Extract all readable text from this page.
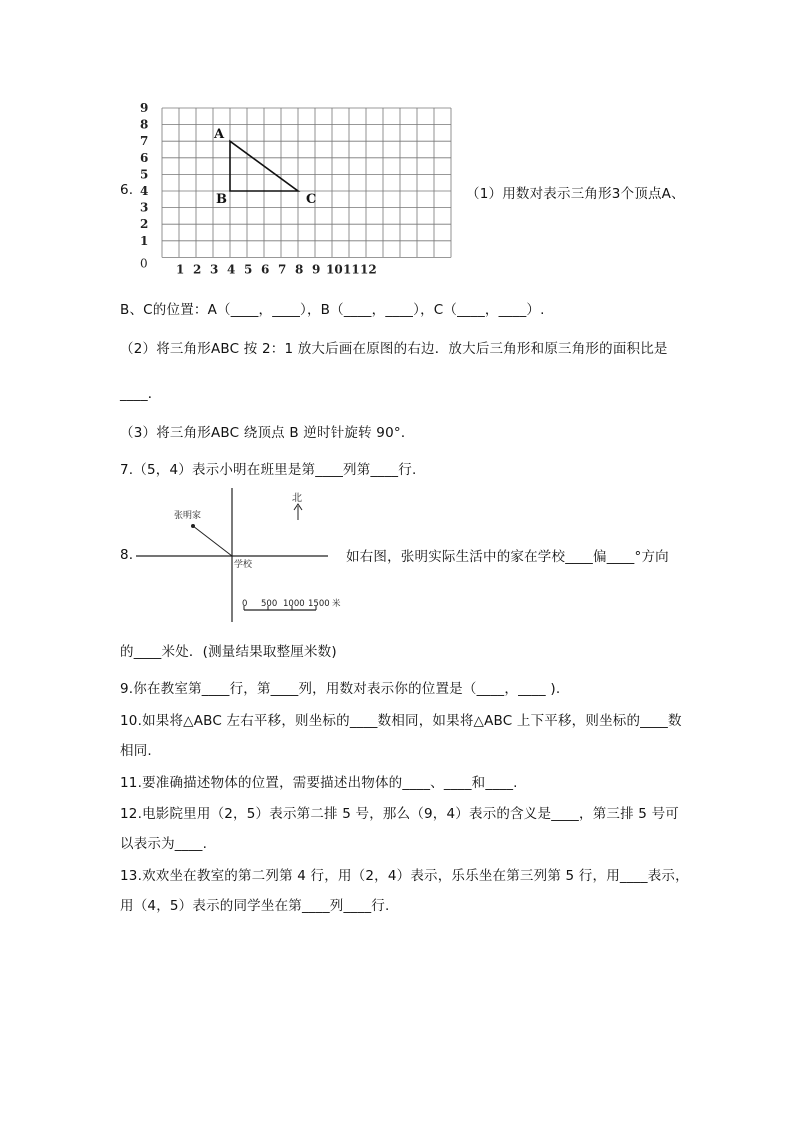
6.
9
8
7
6
5
4
3
2
1
0 1 2 3 4 5 6 7 8 9 10 11 12
A
B	C	（1）用数对表示三角形3个顶点A、
B、C的位置：A（____，____），B（____，____），C（____，____）.
（2）将三角形ABC 按 2：1 放大后画在原图的右边．放大后三角形和原三角形的面积比是
____．
（3）将三角形ABC 绕顶点 B 逆时针旋转 90°．
7.（5，4）表示小明在班里是第____列第____行.
8.
张明家
北
学校
0 500 1000 1500 米
如右图，张明实际生活中的家在学校____偏____°方向
的____米处．(测量结果取整厘米数)
9.你在教室第____行，第____列，用数对表示你的位置是（____，____ ).
10.如果将△ABC 左右平移，则坐标的____数相同，如果将△ABC 上下平移，则坐标的____数
相同.
11.要准确描述物体的位置，需要描述出物体的____、____和____.
12.电影院里用（2，5）表示第二排 5 号，那么（9，4）表示的含义是____，第三排 5 号可
以表示为____.
13.欢欢坐在教室的第二列第 4 行，用（2，4）表示，乐乐坐在第三列第 5 行，用____表示，
用（4，5）表示的同学坐在第____列____行.
